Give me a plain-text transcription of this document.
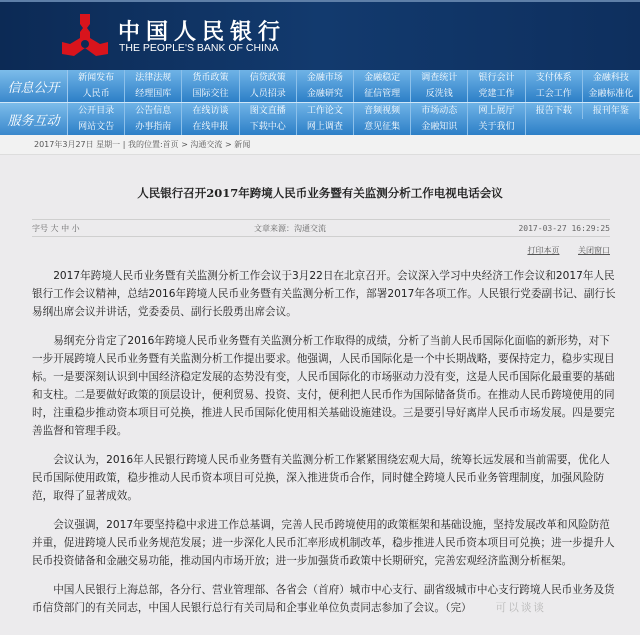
中国人民银行
THE PEOPLE'S BANK OF CHINA
信息公开
新闻发布	法律法规	货币政策	信贷政策	金融市场	金融稳定	调查统计	银行会计	支付体系	金融科技
人民币	经理国库	国际交往	人员招录	金融研究	征信管理	反洗钱	党建工作	工会工作	金融标准化
服务互动
公开目录	公告信息	在线访谈	图文直播	工作论文	音频视频	市场动态	网上展厅	报告下载	报刊年鉴
网站文告	办事指南	在线申报	下载中心	网上调查	意见征集	金融知识	关于我们
2017年3月27日 星期一 | 我的位置:首页 > 沟通交流 > 新闻
人民银行召开2017年跨境人民币业务暨有关监测分析工作电视电话会议
字号 大 中 小	文章来源：沟通交流	2017-03-27 16:29:25
打印本页 关闭窗口

2017年跨境人民币业务暨有关监测分析工作会议于3月22日在北京召开。会议深入学习中央经济工作会议和2017年人民银行工作会议精神，总结2016年跨境人民币业务暨有关监测分析工作，部署2017年各项工作。人民银行党委副书记、副行长易纲出席会议并讲话，党委委员、副行长殷勇出席会议。

易纲充分肯定了2016年跨境人民币业务暨有关监测分析工作取得的成绩，分析了当前人民币国际化面临的新形势，对下一步开展跨境人民币业务暨有关监测分析工作提出要求。他强调，人民币国际化是一个中长期战略，要保持定力，稳步实现目标。一是要深刻认识到中国经济稳定发展的态势没有变，人民币国际化的市场驱动力没有变，这是人民币国际化最重要的基础和支柱。二是要做好政策的顶层设计，便利贸易、投资、支付，便利把人民币作为国际储备货币。在推动人民币跨境使用的同时，注重稳步推动资本项目可兑换，推进人民币国际化使用相关基础设施建设。三是要引导好离岸人民币市场发展。四是要完善监督和管理手段。

会议认为，2016年人民银行跨境人民币业务暨有关监测分析工作紧紧围绕宏观大局，统筹长远发展和当前需要，优化人民币国际使用政策，稳步推动人民币资本项目可兑换，深入推进货币合作，同时健全跨境人民币业务管理制度，加强风险防范，取得了显著成效。

会议强调，2017年要坚持稳中求进工作总基调，完善人民币跨境使用的政策框架和基础设施，坚持发展改革和风险防范并重，促进跨境人民币业务规范发展；进一步深化人民币汇率形成机制改革，稳步推进人民币资本项目可兑换；进一步提升人民币投资储备和金融交易功能，推动国内市场开放；进一步加强货币政策中长期研究，完善宏观经济监测分析框架。

中国人民银行上海总部，各分行、营业管理部、各省会（首府）城市中心支行、副省级城市中心支行跨境人民币业务及货币信贷部门的有关同志，中国人民银行总行有关司局和企事业单位负责同志参加了会议。（完） 可以谈谈
